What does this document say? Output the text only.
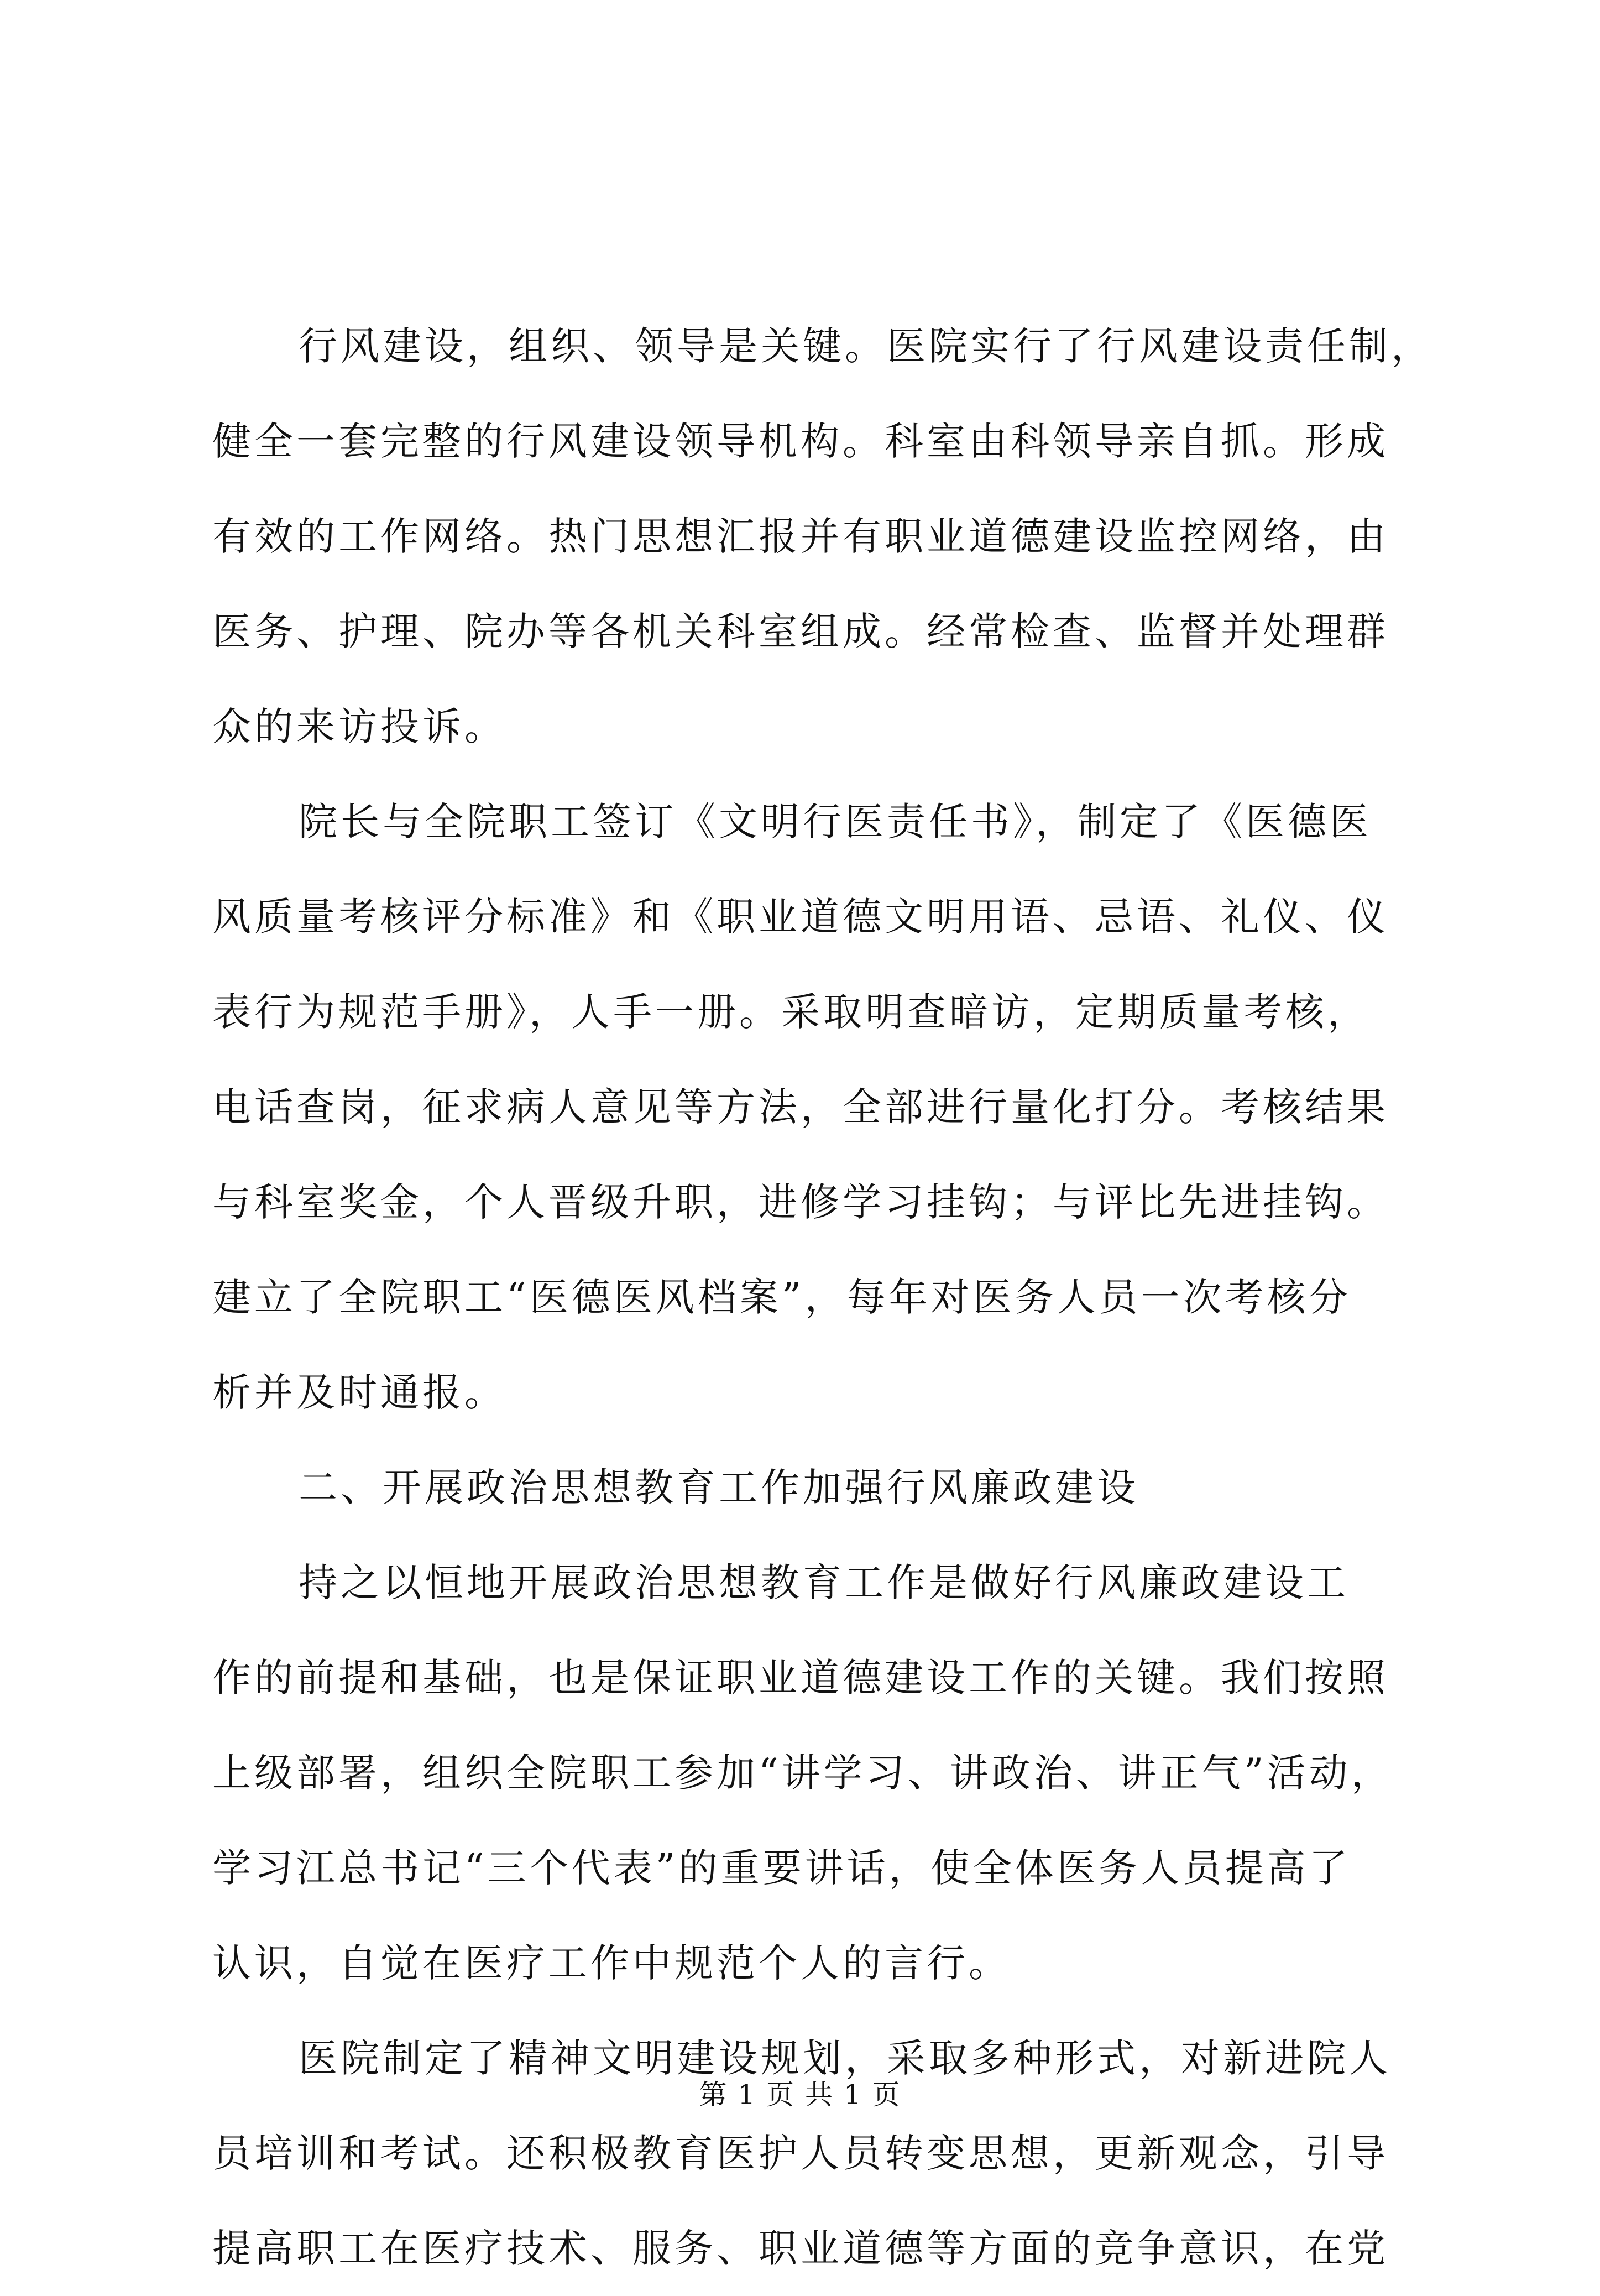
行风建设，组织、领导是关键。医院实行了行风建设责任制，
健全一套完整的行风建设领导机构。科室由科领导亲自抓。形成
有效的工作网络。热门思想汇报并有职业道德建设监控网络，由
医务、护理、院办等各机关科室组成。经常检查、监督并处理群
众的来访投诉。
院长与全院职工签订《文明行医责任书》，制定了《医德医
风质量考核评分标准》和《职业道德文明用语、忌语、礼仪、仪
表行为规范手册》，人手一册。采取明查暗访，定期质量考核，
电话查岗，征求病人意见等方法，全部进行量化打分。考核结果
与科室奖金，个人晋级升职，进修学习挂钩；与评比先进挂钩。
建立了全院职工“医德医风档案”，每年对医务人员一次考核分
析并及时通报。
二、开展政治思想教育工作加强行风廉政建设
持之以恒地开展政治思想教育工作是做好行风廉政建设工
作的前提和基础，也是保证职业道德建设工作的关键。我们按照
上级部署，组织全院职工参加“讲学习、讲政治、讲正气”活动，
学习江总书记“三个代表”的重要讲话，使全体医务人员提高了
认识，自觉在医疗工作中规范个人的言行。
医院制定了精神文明建设规划，采取多种形式，对新进院人
员培训和考试。还积极教育医护人员转变思想，更新观念，引导
提高职工在医疗技术、服务、职业道德等方面的竞争意识，在党
第 1 页 共 1 页
